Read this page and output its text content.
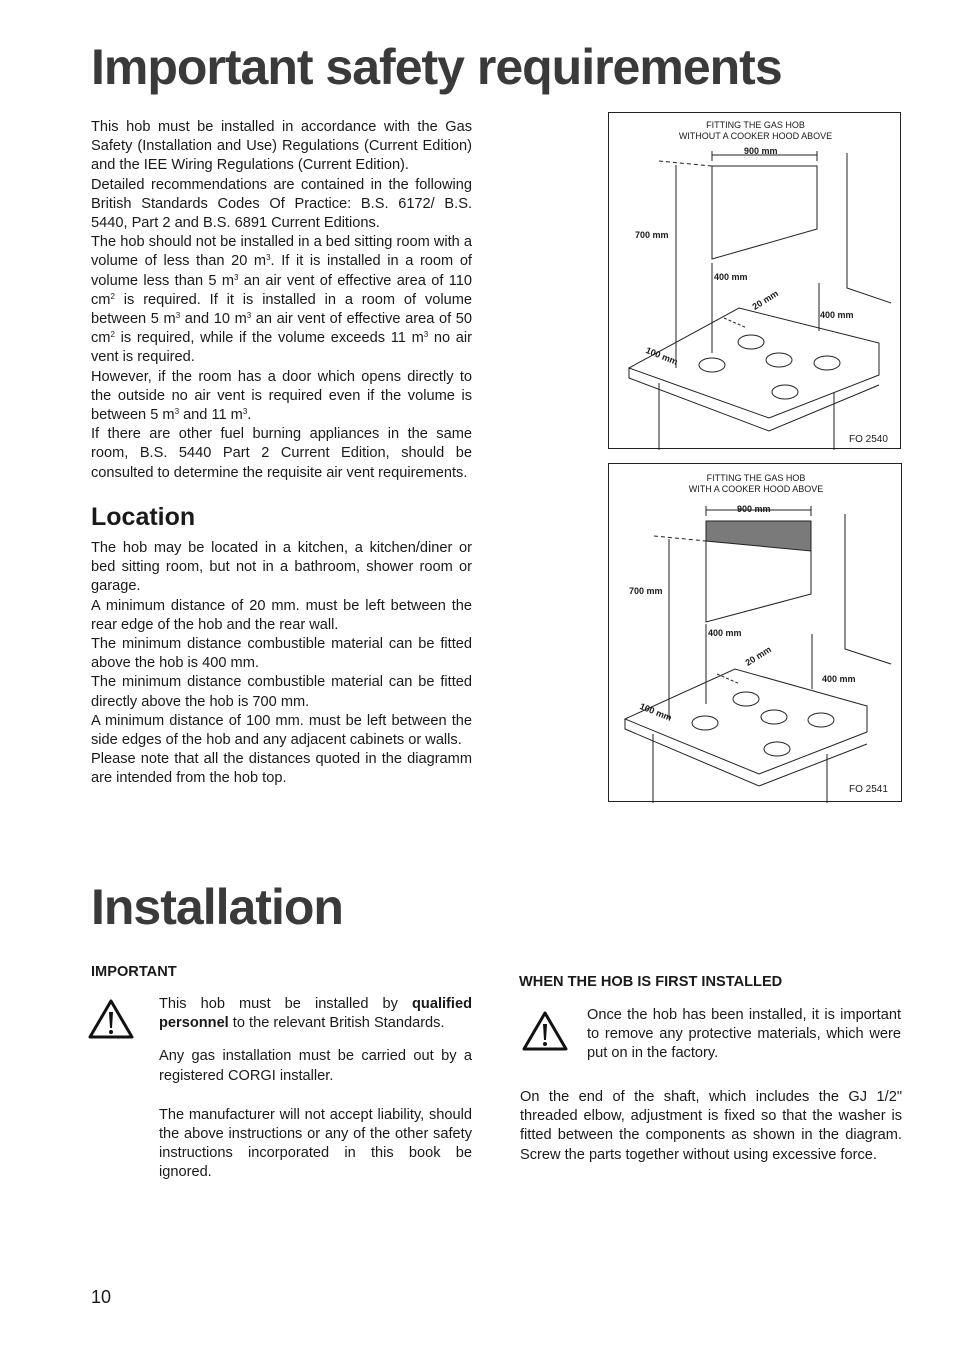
Important safety requirements

This hob must be installed in accordance with the Gas Safety (Installation and Use) Regulations (Current Edition) and the IEE Wiring Regulations (Current Edition).

Detailed recommendations are contained in the following British Standards Codes Of Practice: B.S. 6172/ B.S. 5440, Part 2 and B.S. 6891 Current Editions.

The hob should not be installed in a bed sitting room with a volume of less than 20 $m^3$. If it is installed in a room of volume less than 5 $m^3$ an air vent of effective area of 110 $cm^2$ is required. If it is installed in a room of volume between 5 $m^3$ and 10 $m^3$ an air vent of effective area of 50 $cm^2$ is required, while if the volume exceeds 11 $m^3$ no air vent is required.

However, if the room has a door which opens directly to the outside no air vent is required even if the volume is between 5 $m^3$ and 11 $m^3$.

If there are other fuel burning appliances in the same room, B.S. 5440 Part 2 Current Edition, should be consulted to determine the requisite air vent requirements.

Location

The hob may be located in a kitchen, a kitchen/diner or bed sitting room, but not in a bathroom, shower room or garage.

A minimum distance of 20 mm. must be left between the rear edge of the hob and the rear wall.

The minimum distance combustible material can be fitted above the hob is 400 mm.

The minimum distance combustible material can be fitted directly above the hob is 700 mm.

A minimum distance of 100 mm. must be left between the side edges of the hob and any adjacent cabinets or walls.

Please note that all the distances quoted in the diagramm are intended from the hob top.

FITTING THE GAS HOB
WITHOUT A COOKER HOOD ABOVE
900 mm
700 mm
400 mm
400 mm
20 mm
100 mm
FO 2540
FITTING THE GAS HOB
WITH A COOKER HOOD ABOVE
900 mm
700 mm
400 mm
400 mm
20 mm
100 mm
FO 2541
Installation
IMPORTANT

This hob must be installed by qualified personnel to the relevant British Standards.

Any gas installation must be carried out by a registered CORGI installer.

The manufacturer will not accept liability, should the above instructions or any of the other safety instructions incorporated in this book be ignored.

WHEN THE HOB IS FIRST INSTALLED
Once the hob has been installed, it is important to remove any protective materials, which were put on in the factory.
On the end of the shaft, which includes the GJ 1/2" threaded elbow, adjustment is fixed so that the washer is fitted between the components as shown in the diagram. Screw the parts together without using excessive force.
10
